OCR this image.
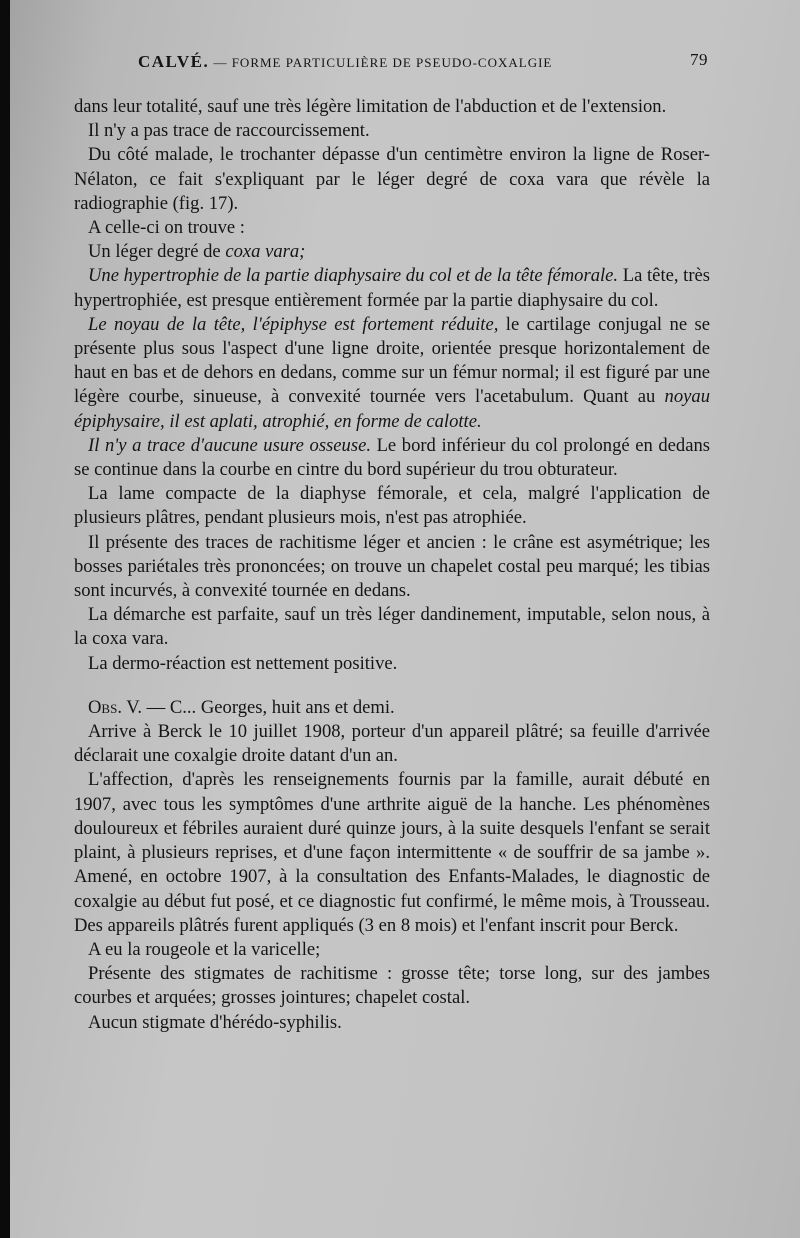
CALVÉ. — FORME PARTICULIÈRE DE PSEUDO-COXALGIE	79

dans leur totalité, sauf une très légère limitation de l'abduction et de l'extension.

Il n'y a pas trace de raccourcissement.

Du côté malade, le trochanter dépasse d'un centimètre environ la ligne de Roser-Nélaton, ce fait s'expliquant par le léger degré de coxa vara que révèle la radiographie (fig. 17).

A celle-ci on trouve :

Un léger degré de coxa vara;

Une hypertrophie de la partie diaphysaire du col et de la tête fémorale. La tête, très hypertrophiée, est presque entièrement formée par la partie diaphysaire du col.

Le noyau de la tête, l'épiphyse est fortement réduite, le cartilage conjugal ne se présente plus sous l'aspect d'une ligne droite, orientée presque horizontalement de haut en bas et de dehors en dedans, comme sur un fémur normal; il est figuré par une légère courbe, sinueuse, à convexité tournée vers l'acetabulum. Quant au noyau épiphysaire, il est aplati, atrophié, en forme de calotte.

Il n'y a trace d'aucune usure osseuse. Le bord inférieur du col prolongé en dedans se continue dans la courbe en cintre du bord supérieur du trou obturateur.

La lame compacte de la diaphyse fémorale, et cela, malgré l'application de plusieurs plâtres, pendant plusieurs mois, n'est pas atrophiée.

Il présente des traces de rachitisme léger et ancien : le crâne est asymétrique; les bosses pariétales très prononcées; on trouve un chapelet costal peu marqué; les tibias sont incurvés, à convexité tournée en dedans.

La démarche est parfaite, sauf un très léger dandinement, imputable, selon nous, à la coxa vara.

La dermo-réaction est nettement positive.

Obs. V. — C... Georges, huit ans et demi.

Arrive à Berck le 10 juillet 1908, porteur d'un appareil plâtré; sa feuille d'arrivée déclarait une coxalgie droite datant d'un an.

L'affection, d'après les renseignements fournis par la famille, aurait débuté en 1907, avec tous les symptômes d'une arthrite aiguë de la hanche. Les phénomènes douloureux et fébriles auraient duré quinze jours, à la suite desquels l'enfant se serait plaint, à plusieurs reprises, et d'une façon intermittente « de souffrir de sa jambe ». Amené, en octobre 1907, à la consultation des Enfants-Malades, le diagnostic de coxalgie au début fut posé, et ce diagnostic fut confirmé, le même mois, à Trousseau. Des appareils plâtrés furent appliqués (3 en 8 mois) et l'enfant inscrit pour Berck.

A eu la rougeole et la varicelle;

Présente des stigmates de rachitisme : grosse tête; torse long, sur des jambes courbes et arquées; grosses jointures; chapelet costal.

Aucun stigmate d'hérédo-syphilis.
